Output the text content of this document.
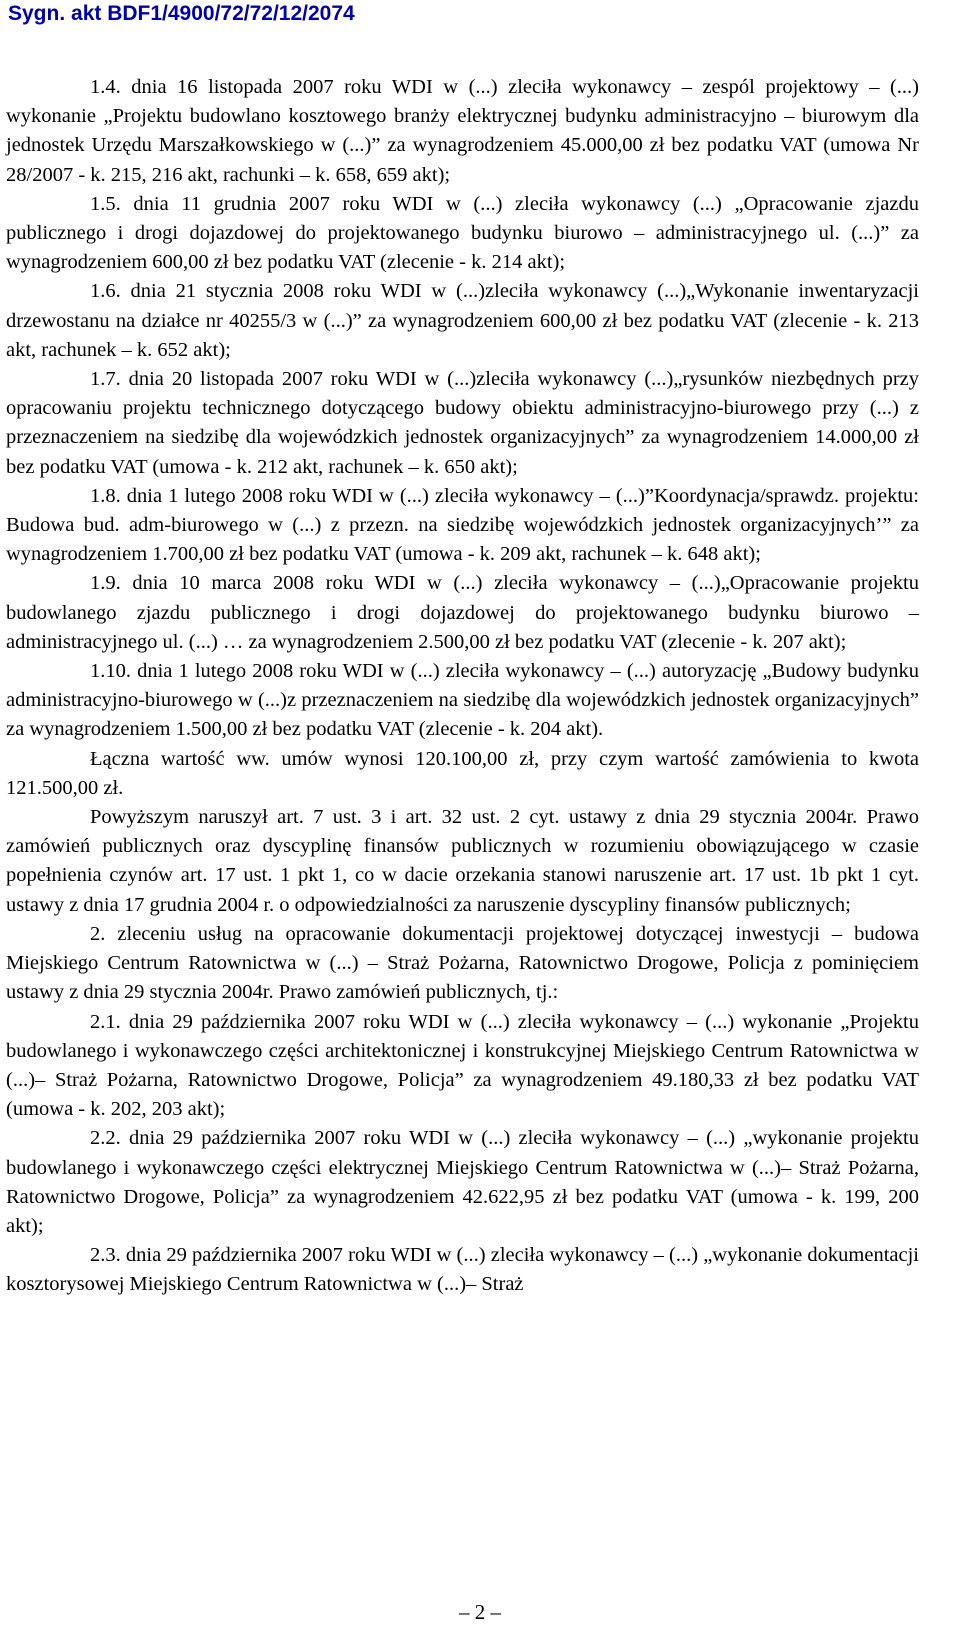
Sygn. akt BDF1/4900/72/72/12/2074

1.4. dnia 16 listopada 2007 roku WDI w (...) zleciła wykonawcy – zespól projektowy – (...) wykonanie „Projektu budowlano kosztowego branży elektrycznej budynku administracyjno – biurowym dla jednostek Urzędu Marszałkowskiego w (...)” za wynagrodzeniem 45.000,00 zł bez podatku VAT (umowa Nr 28/2007 - k. 215, 216 akt, rachunki – k. 658, 659 akt);

1.5. dnia 11 grudnia 2007 roku WDI w (...) zleciła wykonawcy (...) „Opracowanie zjazdu publicznego i drogi dojazdowej do projektowanego budynku biurowo – administracyjnego ul. (...)” za wynagrodzeniem 600,00 zł bez podatku VAT (zlecenie - k. 214 akt);

1.6. dnia 21 stycznia 2008 roku WDI w (...)zleciła wykonawcy (...)„Wykonanie inwentaryzacji drzewostanu na działce nr 40255/3 w (...)” za wynagrodzeniem 600,00 zł bez podatku VAT (zlecenie - k. 213 akt, rachunek – k. 652 akt);

1.7. dnia 20 listopada 2007 roku WDI w (...)zleciła wykonawcy (...)„rysunków niezbędnych przy opracowaniu projektu technicznego dotyczącego budowy obiektu administracyjno-biurowego przy (...) z przeznaczeniem na siedzibę dla wojewódzkich jednostek organizacyjnych” za wynagrodzeniem 14.000,00 zł bez podatku VAT (umowa - k. 212 akt, rachunek – k. 650 akt);

1.8. dnia 1 lutego 2008 roku WDI w (...) zleciła wykonawcy – (...)”Koordynacja/sprawdz. projektu: Budowa bud. adm-biurowego w (...) z przezn. na siedzibę wojewódzkich jednostek organizacyjnych’” za wynagrodzeniem 1.700,00 zł bez podatku VAT (umowa - k. 209 akt, rachunek – k. 648 akt);

1.9. dnia 10 marca 2008 roku WDI w (...) zleciła wykonawcy – (...)„Opracowanie projektu budowlanego zjazdu publicznego i drogi dojazdowej do projektowanego budynku biurowo – administracyjnego ul. (...) … za wynagrodzeniem 2.500,00 zł bez podatku VAT (zlecenie - k. 207 akt);

1.10. dnia 1 lutego 2008 roku WDI w (...) zleciła wykonawcy – (...) autoryzację „Budowy budynku administracyjno-biurowego w (...)z przeznaczeniem na siedzibę dla wojewódzkich jednostek organizacyjnych” za wynagrodzeniem 1.500,00 zł bez podatku VAT (zlecenie - k. 204 akt).

Łączna wartość ww. umów wynosi 120.100,00 zł, przy czym wartość zamówienia to kwota 121.500,00 zł.

Powyższym naruszył art. 7 ust. 3 i art. 32 ust. 2 cyt. ustawy z dnia 29 stycznia 2004r. Prawo zamówień publicznych oraz dyscyplinę finansów publicznych w rozumieniu obowiązującego w czasie popełnienia czynów art. 17 ust. 1 pkt 1, co w dacie orzekania stanowi naruszenie art. 17 ust. 1b pkt 1 cyt. ustawy z dnia 17 grudnia 2004 r. o odpowiedzialności za naruszenie dyscypliny finansów publicznych;

2. zleceniu usług na opracowanie dokumentacji projektowej dotyczącej inwestycji – budowa Miejskiego Centrum Ratownictwa w (...) – Straż Pożarna, Ratownictwo Drogowe, Policja z pominięciem ustawy z dnia 29 stycznia 2004r. Prawo zamówień publicznych, tj.:

2.1. dnia 29 października 2007 roku WDI w (...) zleciła wykonawcy – (...) wykonanie „Projektu budowlanego i wykonawczego części architektonicznej i konstrukcyjnej Miejskiego Centrum Ratownictwa w (...)– Straż Pożarna, Ratownictwo Drogowe, Policja” za wynagrodzeniem 49.180,33 zł bez podatku VAT (umowa - k. 202, 203 akt);

2.2. dnia 29 października 2007 roku WDI w (...) zleciła wykonawcy – (...) „wykonanie projektu budowlanego i wykonawczego części elektrycznej Miejskiego Centrum Ratownictwa w (...)– Straż Pożarna, Ratownictwo Drogowe, Policja” za wynagrodzeniem 42.622,95 zł bez podatku VAT (umowa - k. 199, 200 akt);

2.3. dnia 29 października 2007 roku WDI w (...) zleciła wykonawcy – (...) „wykonanie dokumentacji kosztorysowej Miejskiego Centrum Ratownictwa w (...)– Straż

– 2 –
